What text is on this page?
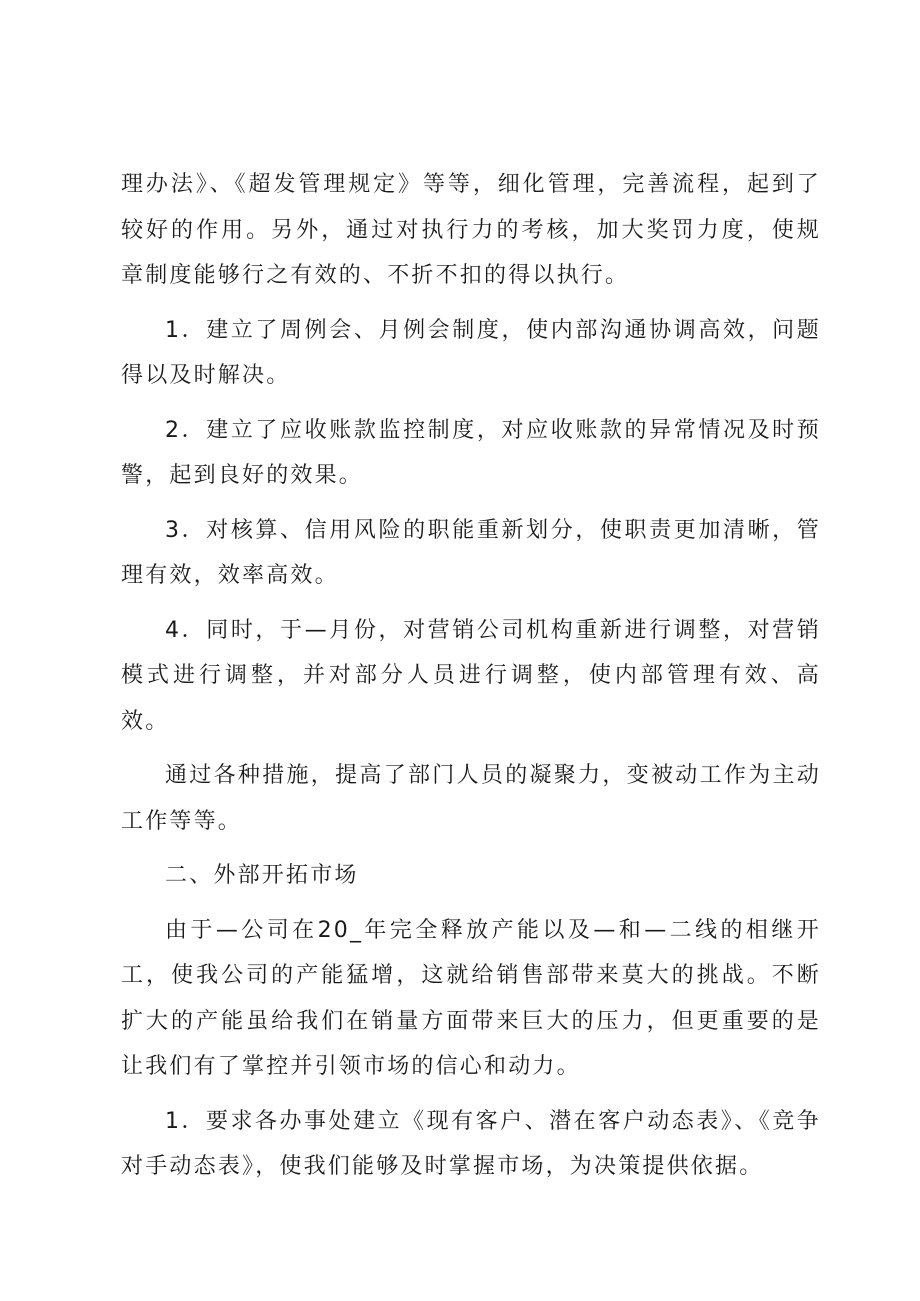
理办法》、《超发管理规定》等等，细化管理，完善流程，起到了较好的作用。另外，通过对执行力的考核，加大奖罚力度，使规章制度能够行之有效的、不折不扣的得以执行。

1．建立了周例会、月例会制度，使内部沟通协调高效，问题得以及时解决。

2．建立了应收账款监控制度，对应收账款的异常情况及时预警，起到良好的效果。

3．对核算、信用风险的职能重新划分，使职责更加清晰，管理有效，效率高效。

4．同时，于—月份，对营销公司机构重新进行调整，对营销模式进行调整，并对部分人员进行调整，使内部管理有效、高效。

通过各种措施，提高了部门人员的凝聚力，变被动工作为主动工作等等。

二、外部开拓市场

由于—公司在20_年完全释放产能以及—和—二线的相继开工，使我公司的产能猛增，这就给销售部带来莫大的挑战。不断扩大的产能虽给我们在销量方面带来巨大的压力，但更重要的是让我们有了掌控并引领市场的信心和动力。

1．要求各办事处建立《现有客户、潜在客户动态表》、《竞争对手动态表》，使我们能够及时掌握市场，为决策提供依据。
